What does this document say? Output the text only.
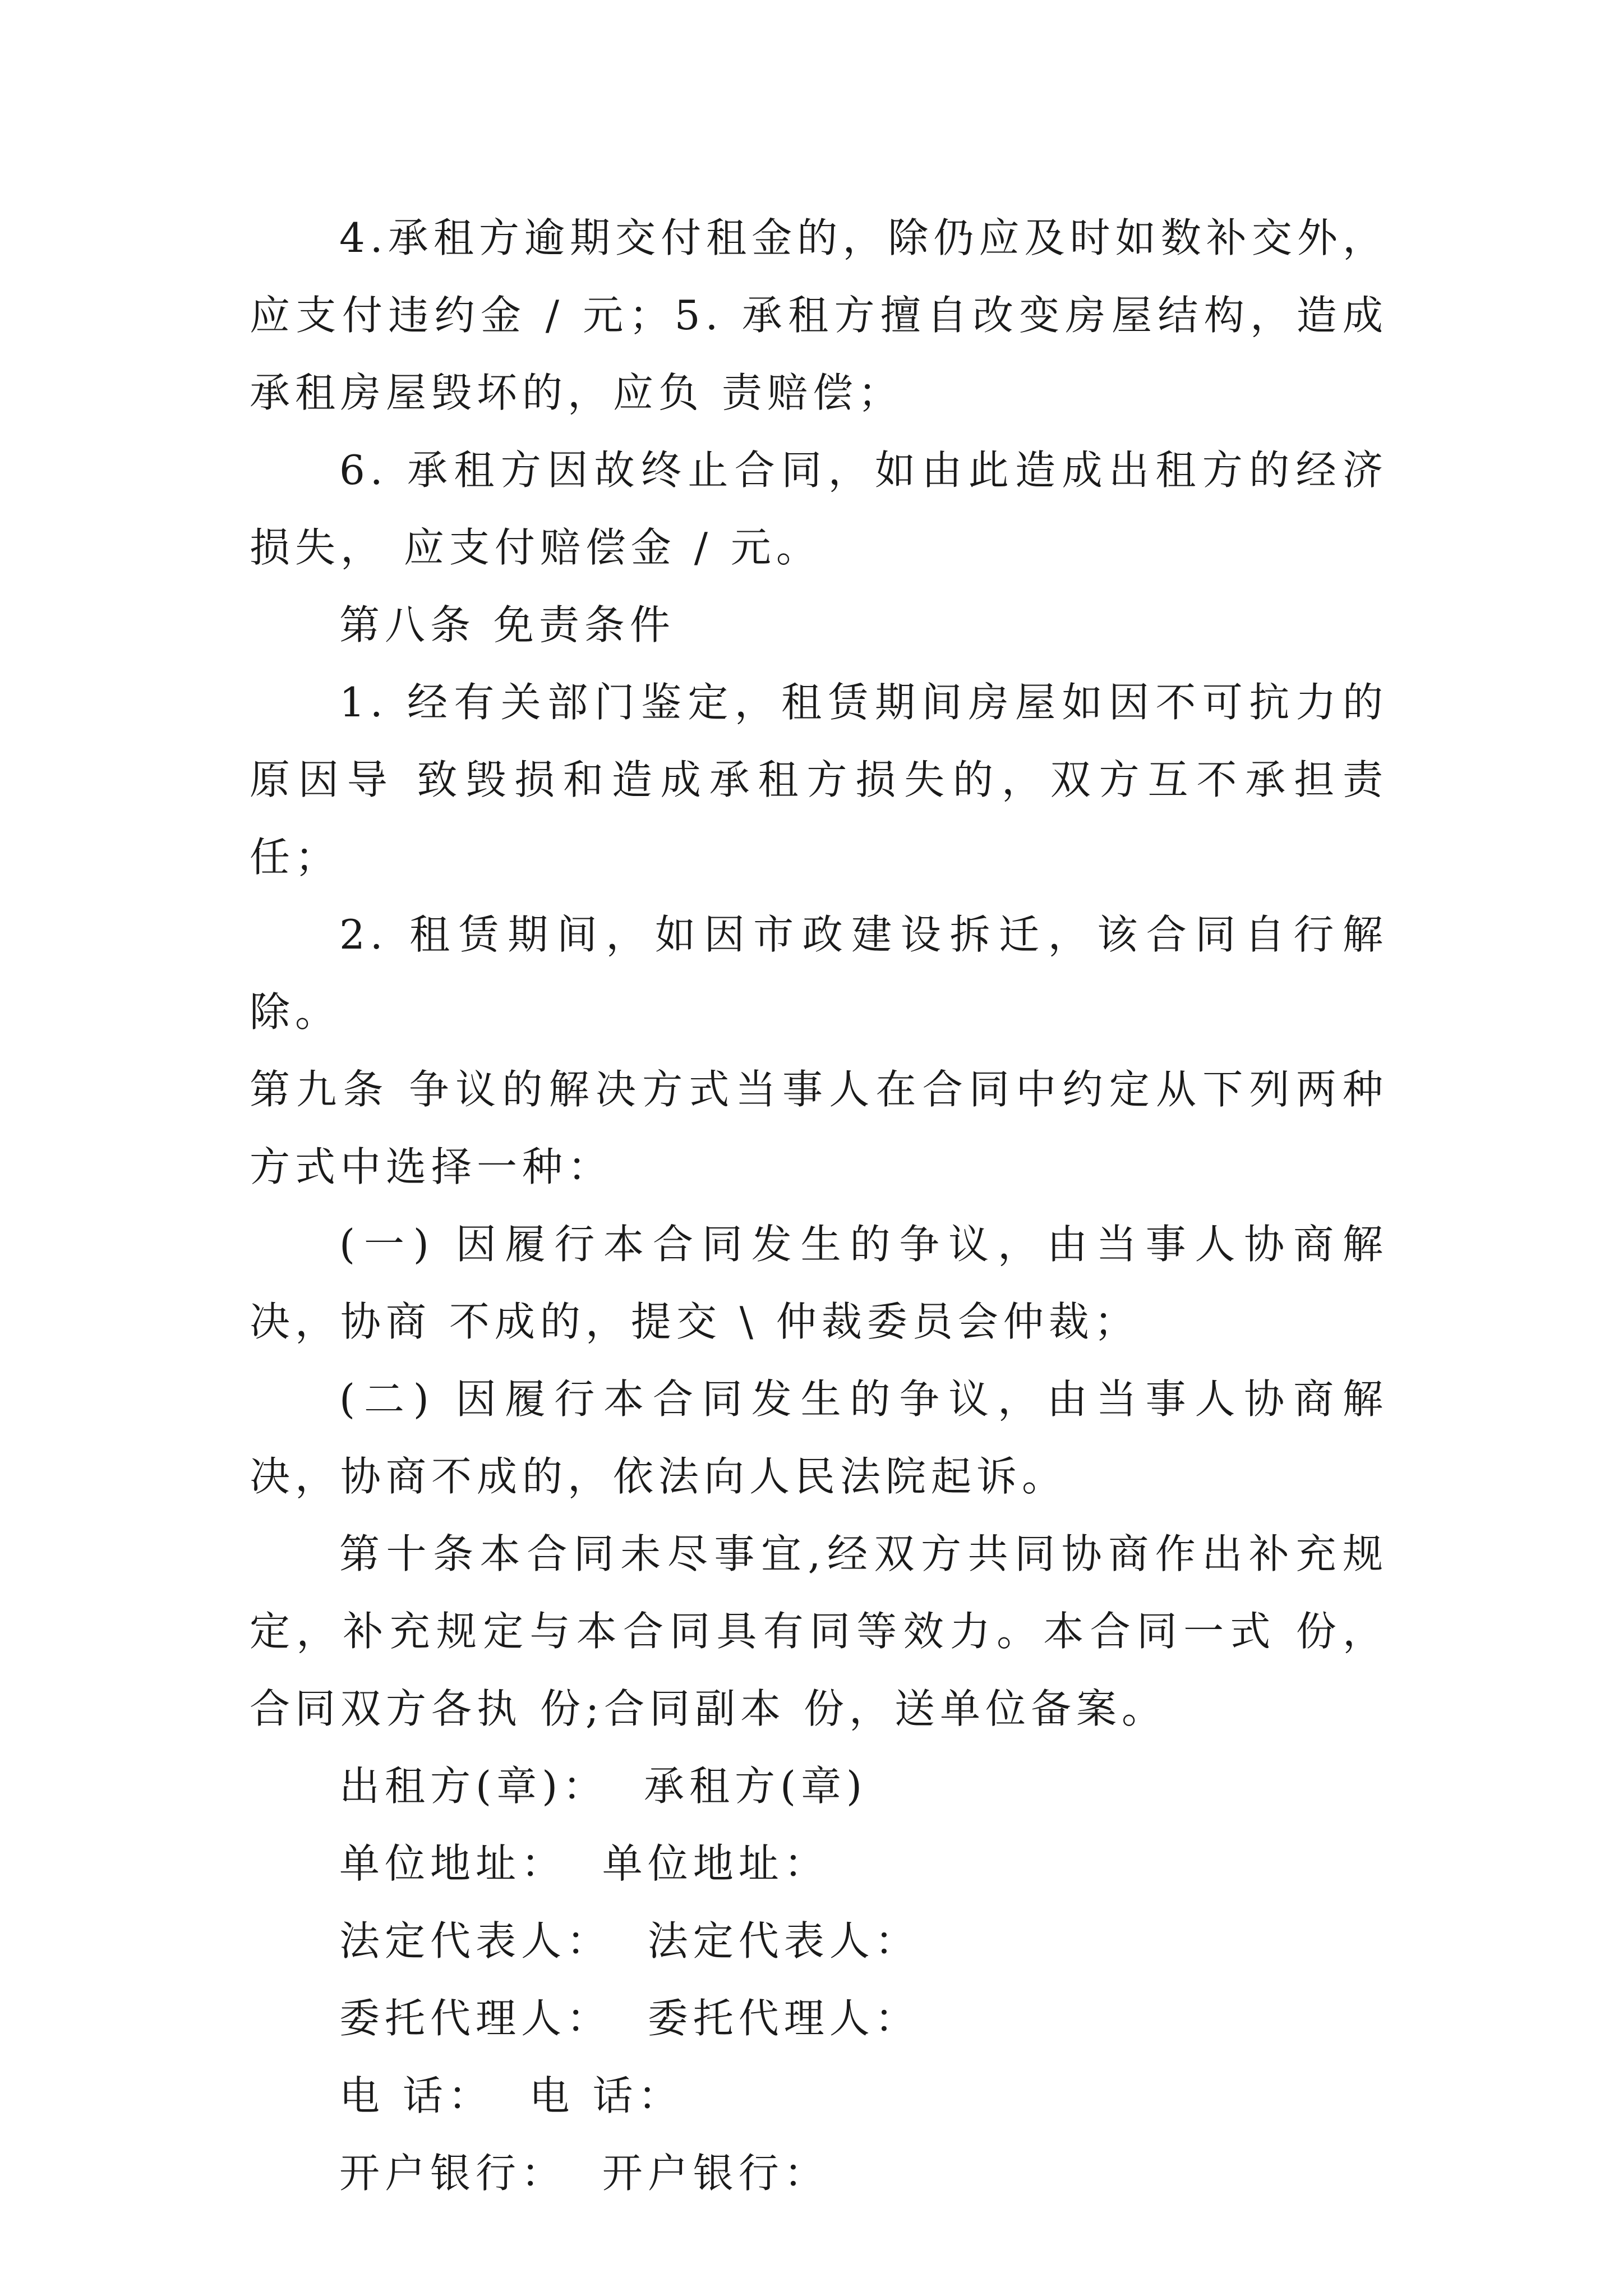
4.承租方逾期交付租金的，除仍应及时如数补交外，应支付违约金 / 元；5. 承租方擅自改变房屋结构，造成承租房屋毁坏的，应负 责赔偿；

6. 承租方因故终止合同，如由此造成出租方的经济损失， 应支付赔偿金 / 元。

第八条 免责条件

1. 经有关部门鉴定，租赁期间房屋如因不可抗力的原因导 致毁损和造成承租方损失的，双方互不承担责任；

2. 租赁期间，如因市政建设拆迁，该合同自行解除。

第九条 争议的解决方式当事人在合同中约定从下列两种方式中选择一种：

(一) 因履行本合同发生的争议，由当事人协商解决，协商 不成的，提交 \ 仲裁委员会仲裁；

(二) 因履行本合同发生的争议，由当事人协商解决，协商不成的，依法向人民法院起诉。

第十条本合同未尽事宜,经双方共同协商作出补充规定，补充规定与本合同具有同等效力。本合同一式 份，合同双方各执 份;合同副本 份，送单位备案。

出租方(章)：  承租方(章)

单位地址：  单位地址：

法定代表人：  法定代表人：

委托代理人：  委托代理人：

电 话：  电 话：

开户银行：  开户银行：
